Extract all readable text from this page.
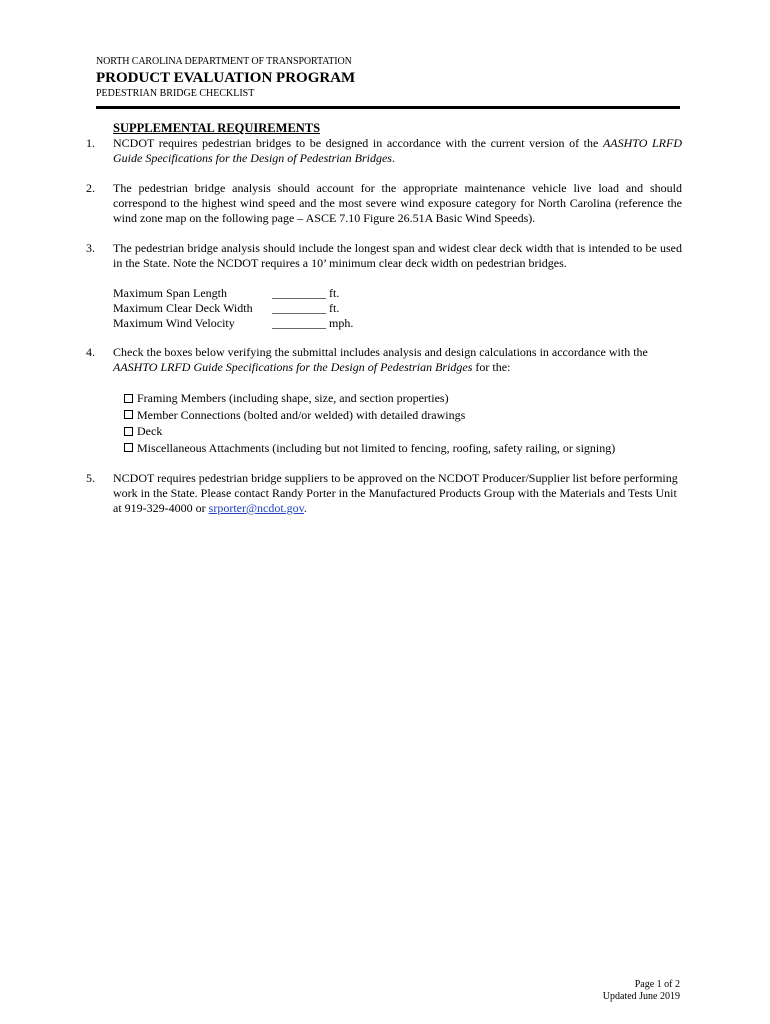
NORTH CAROLINA DEPARTMENT OF TRANSPORTATION
PRODUCT EVALUATION PROGRAM
PEDESTRIAN BRIDGE CHECKLIST
SUPPLEMENTAL REQUIREMENTS
1. NCDOT requires pedestrian bridges to be designed in accordance with the current version of the AASHTO LRFD Guide Specifications for the Design of Pedestrian Bridges.
2. The pedestrian bridge analysis should account for the appropriate maintenance vehicle live load and should correspond to the highest wind speed and the most severe wind exposure category for North Carolina (reference the wind zone map on the following page – ASCE 7.10 Figure 26.51A Basic Wind Speeds).
3. The pedestrian bridge analysis should include the longest span and widest clear deck width that is intended to be used in the State. Note the NCDOT requires a 10’ minimum clear deck width on pedestrian bridges.
Maximum Span Length	_________ ft.
Maximum Clear Deck Width	_________ ft.
Maximum Wind Velocity	_________ mph.
4. Check the boxes below verifying the submittal includes analysis and design calculations in accordance with the AASHTO LRFD Guide Specifications for the Design of Pedestrian Bridges for the:
Framing Members (including shape, size, and section properties)
Member Connections (bolted and/or welded) with detailed drawings
Deck
Miscellaneous Attachments (including but not limited to fencing, roofing, safety railing, or signing)
5. NCDOT requires pedestrian bridge suppliers to be approved on the NCDOT Producer/Supplier list before performing work in the State. Please contact Randy Porter in the Manufactured Products Group with the Materials and Tests Unit at 919-329-4000 or srporter@ncdot.gov.
Page 1 of 2
Updated June 2019
